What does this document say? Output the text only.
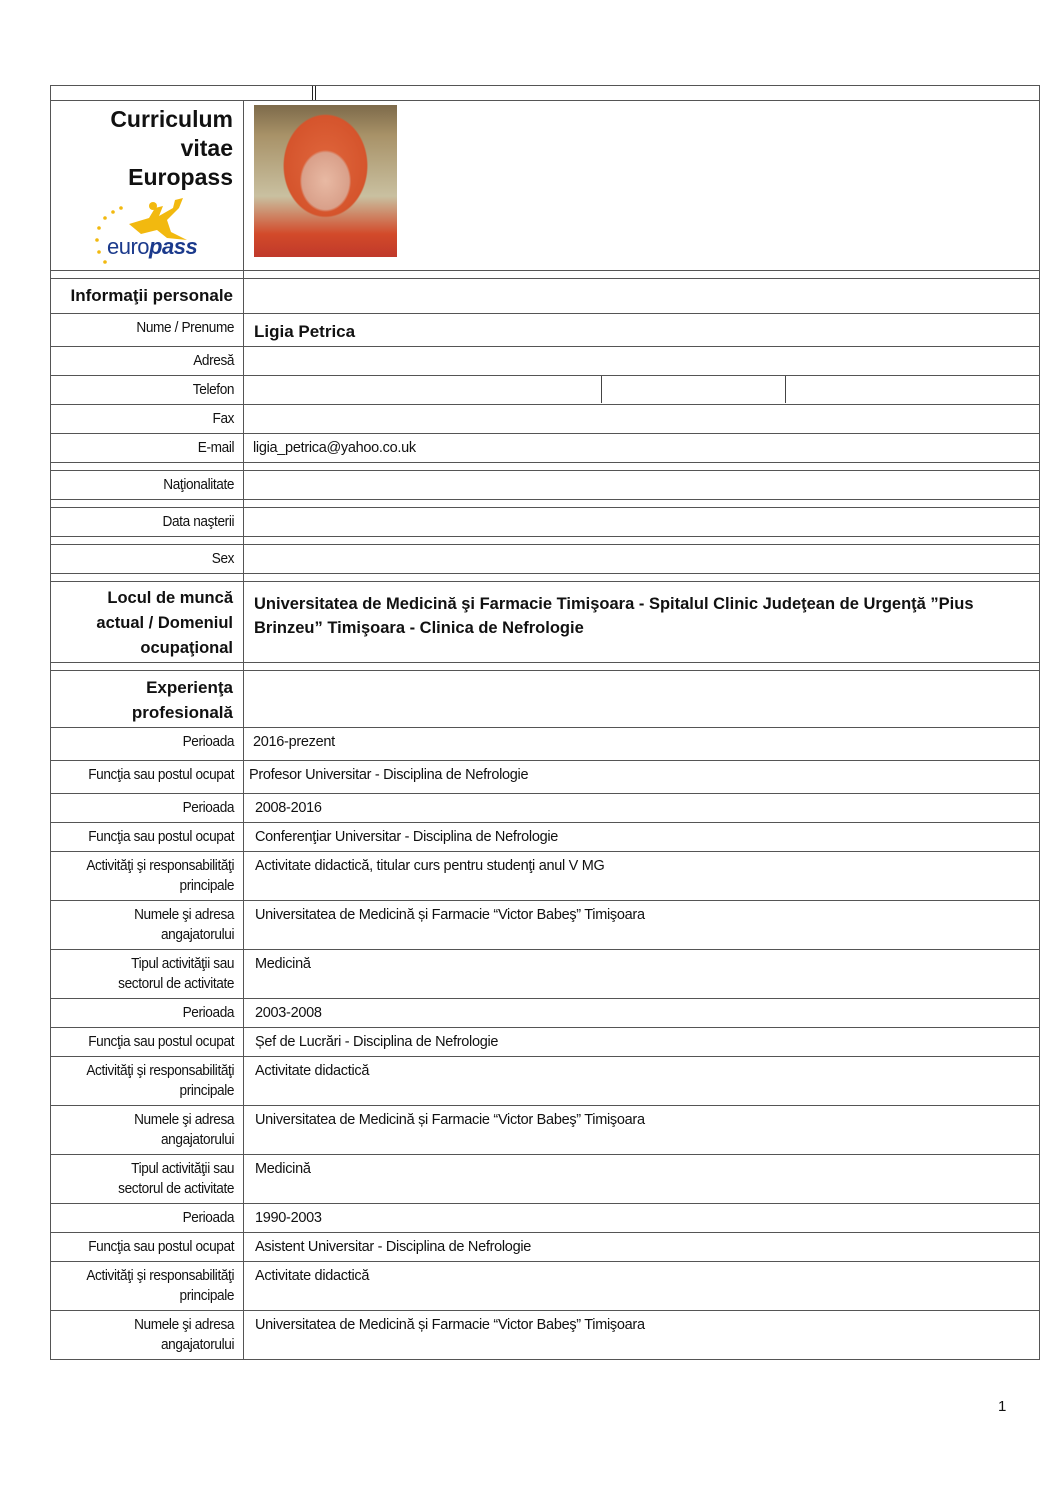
Curriculum
vitae
Europass
europass	

Informaţii personale	
Nume / Prenume	Ligia Petrica
Adresă	
Telefon	

Fax	
E-mail	ligia_petrica@yahoo.co.uk

Naţionalitate	

Data naşterii	

Sex	

Locul de muncă
actual / Domeniul
ocupaţional	Universitatea de Medicină şi Farmacie Timişoara - Spitalul Clinic Judeţean de Urgenţă ”Pius Brinzeu” Timişoara - Clinica de Nefrologie

Experienţa
profesională	

Perioada	2016-prezent
Funcţia sau postul ocupat	Profesor Universitar - Disciplina de Nefrologie
Perioada	2008-2016
Funcţia sau postul ocupat	Conferenţiar Universitar - Disciplina de Nefrologie

Activităţi şi responsabilităţi
principale	Activitate didactică, titular curs pentru studenţi anul V MG

Numele şi adresa
angajatorului	Universitatea de Medicină și Farmacie “Victor Babeş” Timişoara

Tipul activităţii sau
sectorul de activitate	Medicină
Perioada	2003-2008
Funcţia sau postul ocupat	Șef de Lucrări - Disciplina de Nefrologie

Activităţi şi responsabilităţi
principale	Activitate didactică

Numele şi adresa
angajatorului	Universitatea de Medicină și Farmacie “Victor Babeş” Timişoara

Tipul activităţii sau
sectorul de activitate	Medicină
Perioada	1990-2003
Funcţia sau postul ocupat	Asistent Universitar - Disciplina de Nefrologie

Activităţi şi responsabilităţi
principale	Activitate didactică

Numele şi adresa
angajatorului	Universitatea de Medicină și Farmacie “Victor Babeş” Timişoara
1
